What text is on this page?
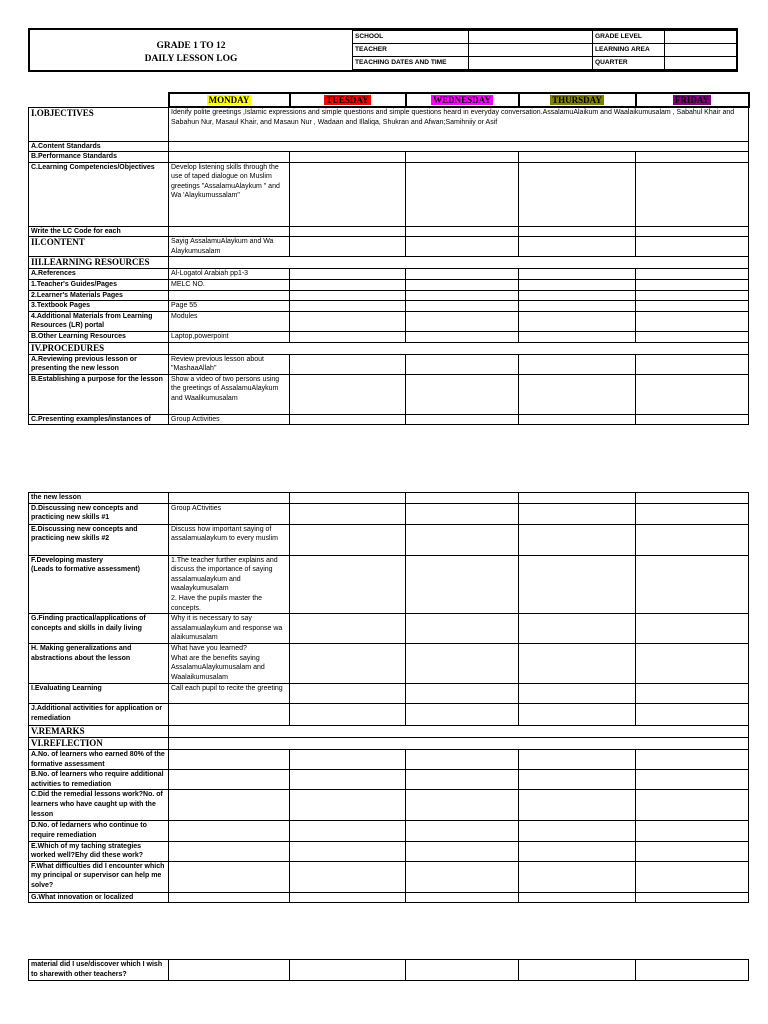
GRADE 1 TO 12
DAILY LESSON LOG
SCHOOL		GRADE LEVEL	
TEACHER		LEARNING AREA	
TEACHING DATES AND TIME		QUARTER	
	MONDAY	TUESDAY	WEDNESDAY	THURSDAY	FRIDAY
I.OBJECTIVES	Idenify polite greetings ,Islamic expressions and simple questions and simple questions heard in everyday conversation.AssalamuAlaikum and Waalaikumusalam , Sabahul Khair and Sabahun Nur, Masaul Khair, and Masaun Nur , Wadaan and Illaliqa, Shukran and Afwan;Samihniiy or Asif				
A.Content Standards					
B.Performance Standards					
C.Learning Competencies/Objectives	Develop listening skills through the use of taped dialogue on Muslim greetings "AssalamuAlaykum " and Wa 'Alaykumussalam"				
Write the LC Code for each					
II.CONTENT	Sayig AssalamuAlaykum and Wa Alaykumusalam				
III.LEARNING RESOURCES					
A.References	Al-Logatol Arabiah pp1-3				
1.Teacher's Guides/Pages	MELC NO.				
2.Learner's Materials Pages					
3.Textbook Pages	Page 55				
4.Additional Materials from Learning Resources (LR) portal	Modules				
B.Other Learning Resources	Laptop,powerpoint				
IV.PROCEDURES					
A.Reviewing previous lesson or presenting the new lesson	Review previous lesson about "MashaaAllah"				
B.Establishing a purpose for the lesson	Show a video of two persons using the greetings of AssalamuAlaykum and Waalikumusalam				
C.Presenting examples/instances of	Group Activities				
the new lesson					
D.Discussing new concepts and practicing new skills #1	Group ACtivities				
E.Discussing new concepts and practicing new skills #2	Discuss how important saying of assalamualaykum to every muslim				
F.Developing mastery
(Leads to formative assessment)	1.The teacher further explains and discuss the importance of saying assalamualaykum and waalaykumusalam
2. Have the pupils master the concepts.				
G.Finding practical/applications of concepts and skills in daily living	Why it is necessary to say assalamualaykum and response wa alaikumusalam				
H. Making generalizations and abstractions about the lesson	What have you learned?
What are the benefits saying AssalamuAlaykumusalam and Waalaikumusalam				
I.Evaluating Learning	Call each pupil to recite the greeting				
J.Additional activities for application or remediation					
V.REMARKS					
VI.REFLECTION					
A.No. of learners who earned 80% of the formative assessment					
B.No. of learners who require additional activities to remediation					
C.Did the remedial lessons work?No. of learners who have caught up with the lesson					
D.No. of ledarners who continue to require remediation					
E.Which of my taching strategies worked well?Ehy did these work?					
F.What difficulties did I encounter which my principal or supervisor can help me solve?					
G.What innovation or localized					
material did I use/discover which I wish to sharewith other teachers?					
